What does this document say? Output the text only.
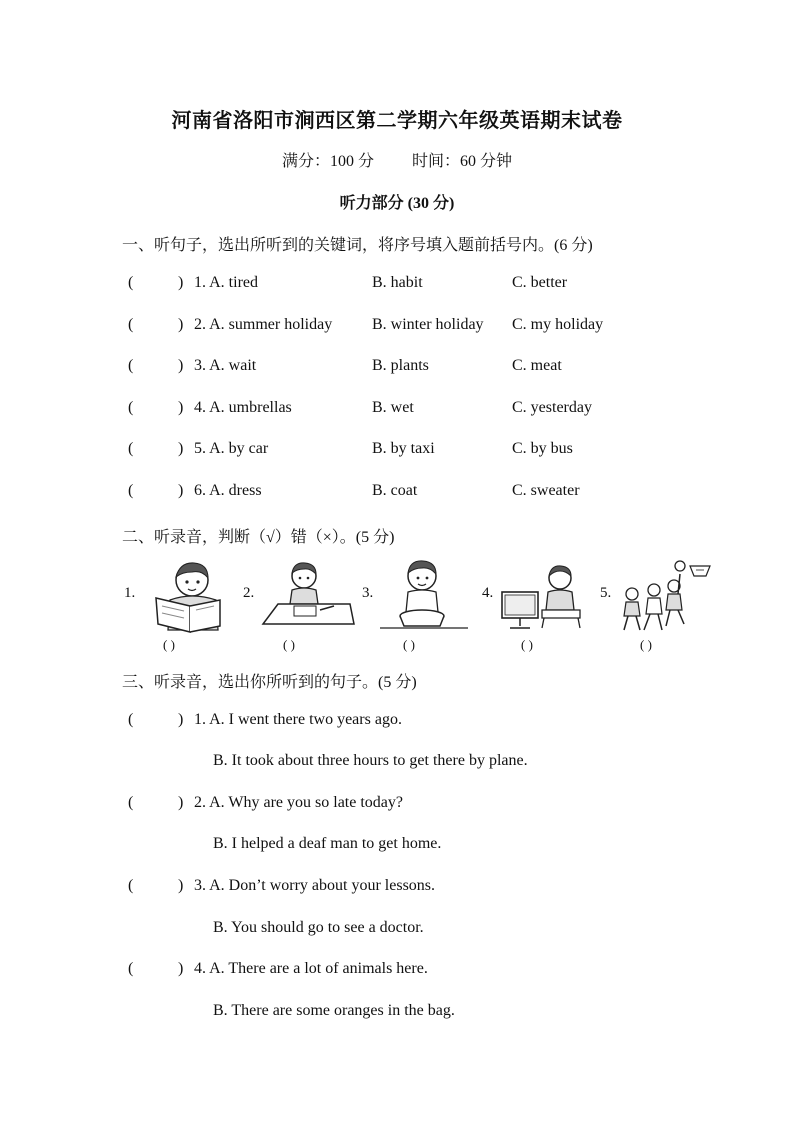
河南省洛阳市涧西区第二学期六年级英语期末试卷
满分：100 分 时间：60 分钟
听力部分 (30 分)
一、听句子，选出所听到的关键词，将序号填入题前括号内。(6 分)
(	) 1. A. tired	B. habit	C. better
(	) 2. A. summer holiday B. winter holiday C. my holiday
(	) 3. A. wait	B. plants	C. meat
(	) 4. A. umbrellas	B. wet	C. yesterday
(	) 5. A. by car	B. by taxi	C. by bus
(	) 6. A. dress	B. coat	C. sweater
二、听录音，判断（√）错（×）。(5 分)
1.
( )
2.
( )
3.
( )
4.
( )
5.
( )
三、听录音，选出你所听到的句子。(5 分)
(	) 1. A. I went there two years ago.
B. It took about three hours to get there by plane.
(	) 2. A. Why are you so late today?
B. I helped a deaf man to get home.
(	) 3. A. Don’t worry about your lessons.
B. You should go to see a doctor.
(	) 4. A. There are a lot of animals here.
B. There are some oranges in the bag.
